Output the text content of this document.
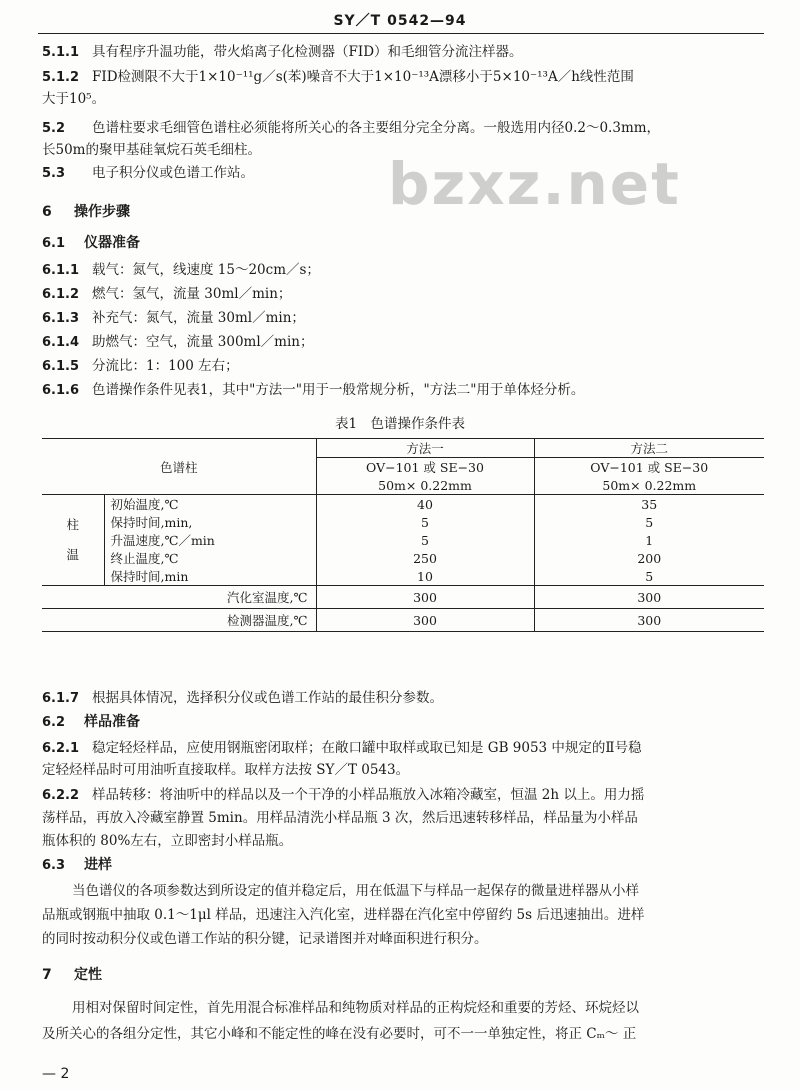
SY／T 0542—94
bzxz.net
5.1.1 具有程序升温功能，带火焰离子化检测器（FID）和毛细管分流注样器。
5.1.2 FID检测限不大于1×10⁻¹¹g／s(苯)噪音不大于1×10⁻¹³A漂移小于5×10⁻¹³A／h线性范围
大于10⁵。
5.2 色谱柱要求毛细管色谱柱必须能将所关心的各主要组分完全分离。一般选用内径0.2～0.3mm，
长50m的聚甲基硅氧烷石英毛细柱。
5.3 电子积分仪或色谱工作站。
6 操作步骤
6.1 仪器准备
6.1.1 载气：氮气，线速度 15～20cm／s；
6.1.2 燃气：氢气，流量 30ml／min；
6.1.3 补充气：氮气，流量 30ml／min；
6.1.4 助燃气：空气，流量 300ml／min；
6.1.5 分流比：1：100 左右；
6.1.6 色谱操作条件见表1，其中"方法一"用于一般常规分析，"方法二"用于单体烃分析。
表1　色谱操作条件表
色谱柱		方法一	方法二
		OV−101 或 SE−30	OV−101 或 SE−30
		50m× 0.22mm	50m× 0.22mm
柱
温	初始温度,℃	40	35
	保持时间,min,	5	5
	升温速度,℃／min	5	1
	终止温度,℃	250	200
	保持时间,min	10	5
汽化室温度,℃		300	300
检测器温度,℃		300	300
6.1.7 根据具体情况，选择积分仪或色谱工作站的最佳积分参数。
6.2 样品准备
6.2.1 稳定轻烃样品，应使用钢瓶密闭取样；在敞口罐中取样或取已知是 GB 9053 中规定的Ⅱ号稳
定轻烃样品时可用油听直接取样。取样方法按 SY／T 0543。
6.2.2 样品转移：将油听中的样品以及一个干净的小样品瓶放入冰箱冷藏室，恒温 2h 以上。用力摇
荡样品，再放入冷藏室静置 5min。用样品清洗小样品瓶 3 次，然后迅速转移样品，样品量为小样品
瓶体积的 80%左右，立即密封小样品瓶。
6.3 进样
当色谱仪的各项参数达到所设定的值并稳定后，用在低温下与样品一起保存的微量进样器从小样
品瓶或钢瓶中抽取 0.1～1μl 样品，迅速注入汽化室，进样器在汽化室中停留约 5s 后迅速抽出。进样
的同时按动积分仪或色谱工作站的积分键，记录谱图并对峰面积进行积分。
7 定性
用相对保留时间定性，首先用混合标准样品和纯物质对样品的正构烷烃和重要的芳烃、环烷烃以
及所关心的各组分定性，其它小峰和不能定性的峰在没有必要时，可不一一单独定性，将正 Cₘ～ 正
— 2
